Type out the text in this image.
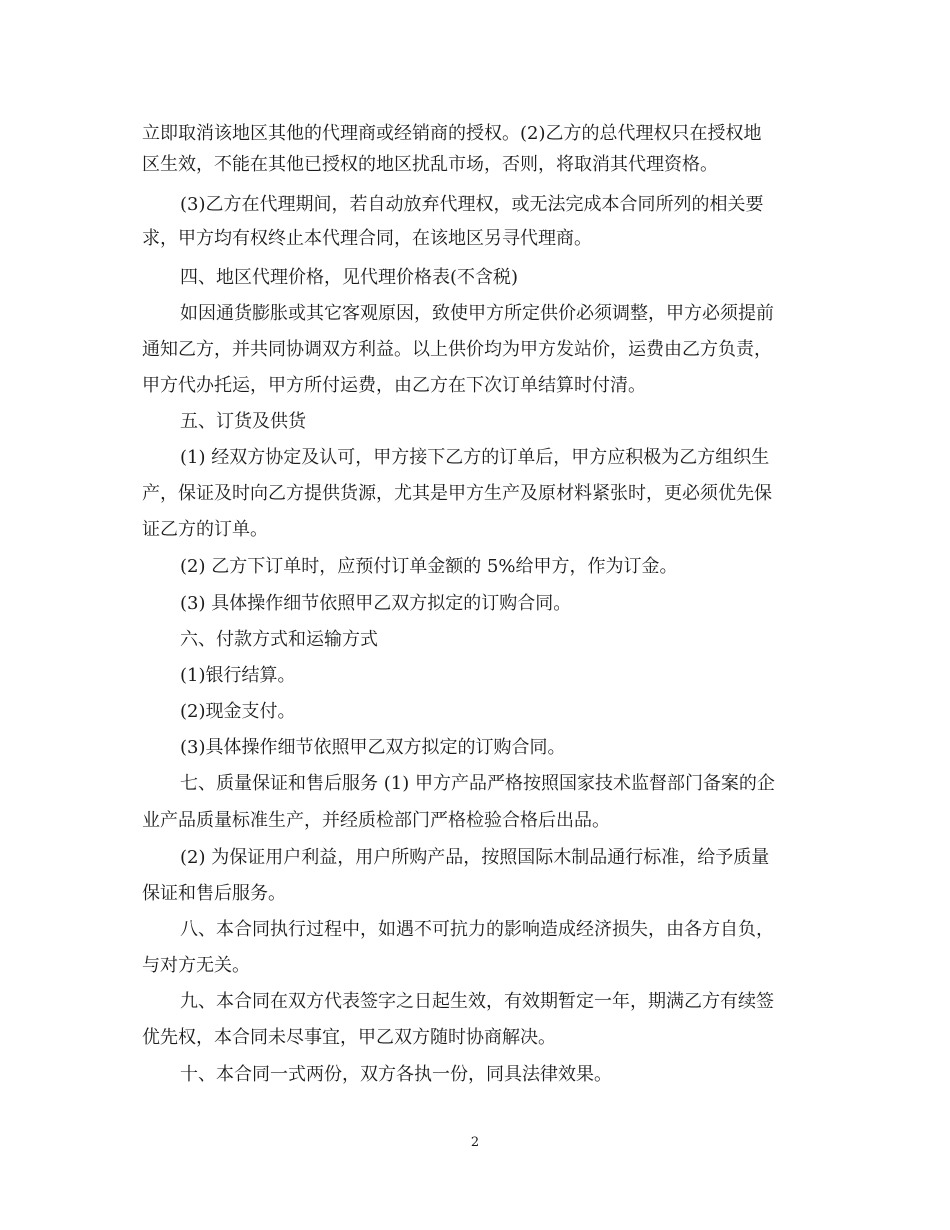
立即取消该地区其他的代理商或经销商的授权。(2)乙方的总代理权只在授权地
区生效，不能在其他已授权的地区扰乱市场，否则，将取消其代理资格。
(3)乙方在代理期间，若自动放弃代理权，或无法完成本合同所列的相关要
求，甲方均有权终止本代理合同，在该地区另寻代理商。
四、地区代理价格，见代理价格表(不含税)
如因通货膨胀或其它客观原因，致使甲方所定供价必须调整，甲方必须提前
通知乙方，并共同协调双方利益。以上供价均为甲方发站价，运费由乙方负责，
甲方代办托运，甲方所付运费，由乙方在下次订单结算时付清。
五、订货及供货
(1) 经双方协定及认可，甲方接下乙方的订单后，甲方应积极为乙方组织生
产，保证及时向乙方提供货源，尤其是甲方生产及原材料紧张时，更必须优先保
证乙方的订单。
(2) 乙方下订单时，应预付订单金额的 5%给甲方，作为订金。
(3) 具体操作细节依照甲乙双方拟定的订购合同。
六、付款方式和运输方式
(1)银行结算。
(2)现金支付。
(3)具体操作细节依照甲乙双方拟定的订购合同。
七、质量保证和售后服务 (1) 甲方产品严格按照国家技术监督部门备案的企
业产品质量标准生产，并经质检部门严格检验合格后出品。
(2) 为保证用户利益，用户所购产品，按照国际木制品通行标准，给予质量
保证和售后服务。
八、本合同执行过程中，如遇不可抗力的影响造成经济损失，由各方自负，
与对方无关。
九、本合同在双方代表签字之日起生效，有效期暂定一年，期满乙方有续签
优先权，本合同未尽事宜，甲乙双方随时协商解决。
十、本合同一式两份，双方各执一份，同具法律效果。
2
